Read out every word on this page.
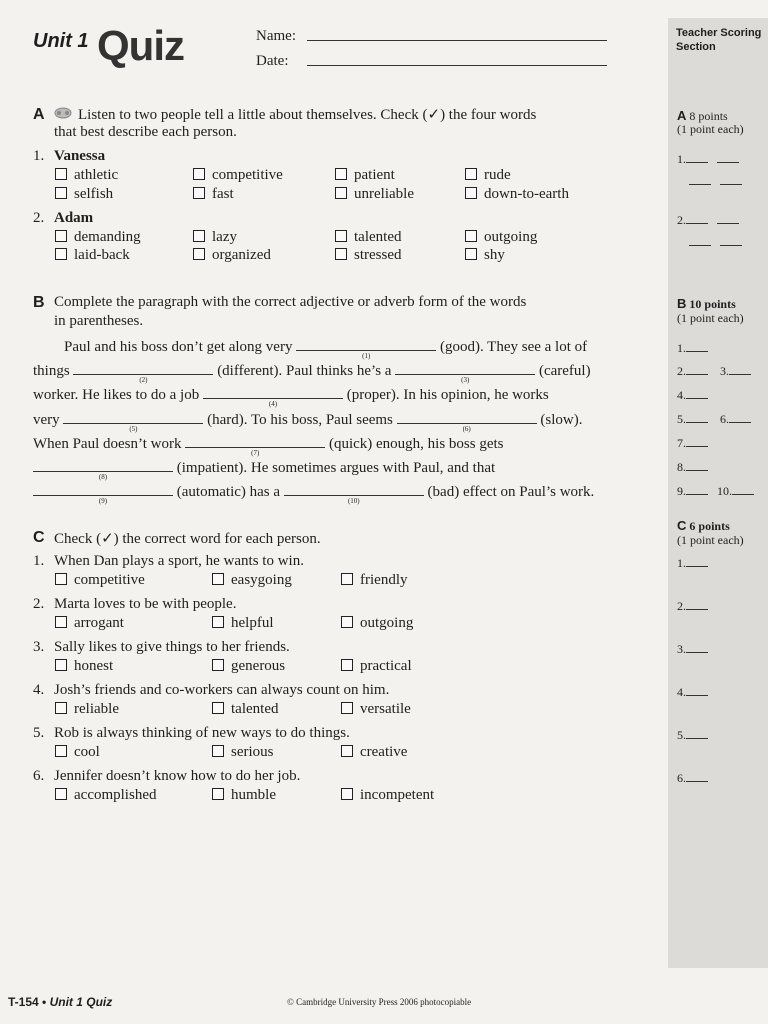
Unit 1 Quiz	Name:
Date:
A Listen to two people tell a little about themselves. Check (✓) the four words
that best describe each person.
1. Vanessa
athletic	competitive	patient	rude
selfish	fast	unreliable	down-to-earth
2. Adam
demanding	lazy	talented	outgoing
laid-back	organized	stressed	shy
B Complete the paragraph with the correct adjective or adverb form of the words
in parentheses.
Paul and his boss don’t get along very
(1)
(good). They see a lot of
things
(2)
(different). Paul thinks he’s a
(3)
(careful)
worker. He likes to do a job
(4)
(proper). In his opinion, he works
very
(5)
(hard). To his boss, Paul seems
(6)
(slow).
When Paul doesn’t work
(7)
(quick) enough, his boss gets
(8)
(impatient). He sometimes argues with Paul, and that
(9)
(automatic) has a
(10)
(bad) effect on Paul’s work.
C Check (✓) the correct word for each person.
1. When Dan plays a sport, he wants to win.
competitive	easygoing	friendly
2. Marta loves to be with people.
arrogant	helpful	outgoing
3. Sally likes to give things to her friends.
honest	generous	practical
4. Josh’s friends and co-workers can always count on him.
reliable	talented	versatile
5. Rob is always thinking of new ways to do things.
cool	serious	creative
6. Jennifer doesn’t know how to do her job.
accomplished	humble	incompetent
Teacher Scoring
Section
A 8 points
(1 point each)
1.

2.

B 10 points
(1 point each)
1.
2.	3.
4.
5.	6.
7.
8.
9.	10.
C 6 points
(1 point each)
1.
2.
3.
4.
5.
6.
T-154 • Unit 1 Quiz	© Cambridge University Press 2006 photocopiable
